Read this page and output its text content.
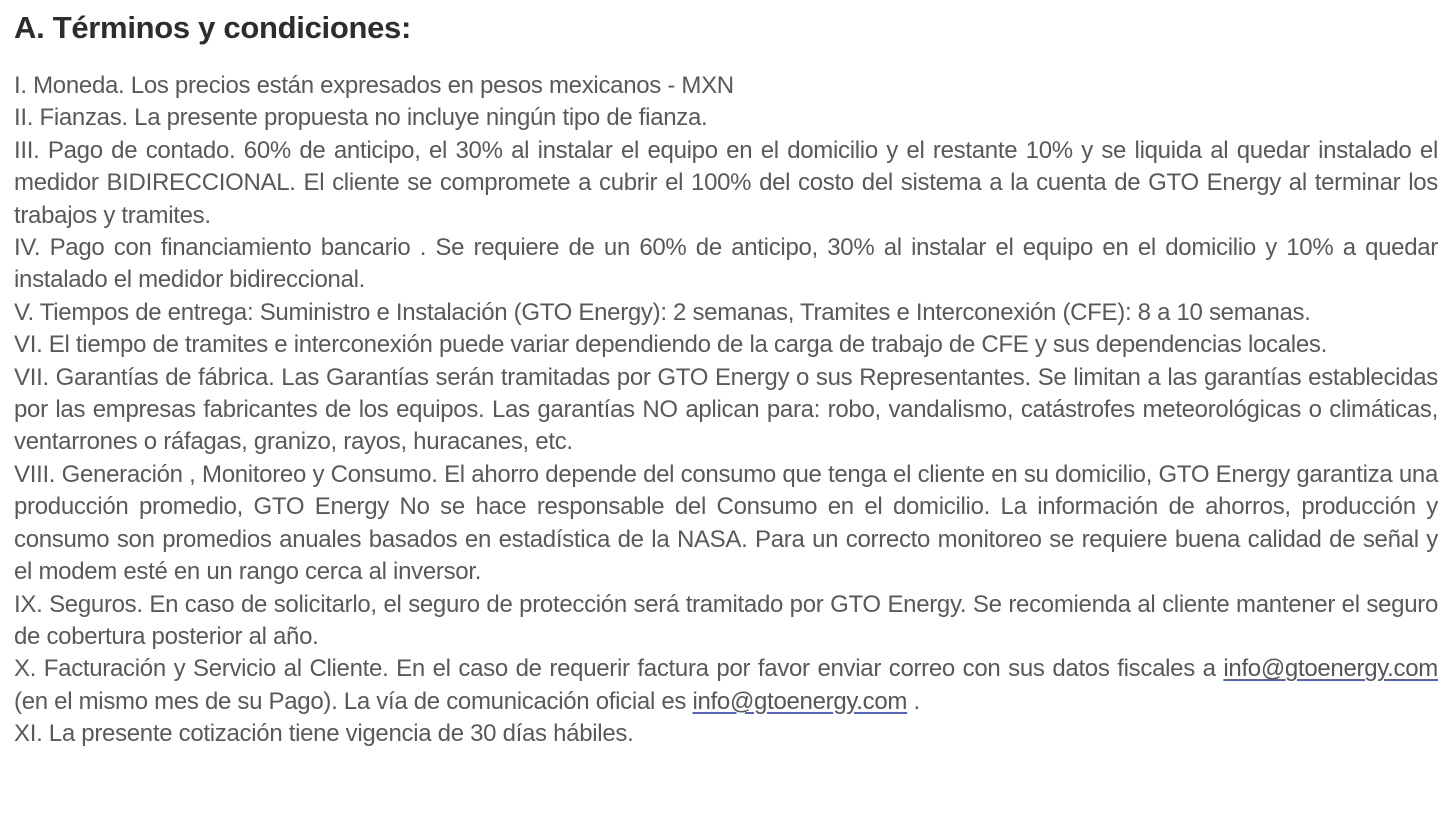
A. Términos y condiciones:

I. Moneda. Los precios están expresados en pesos mexicanos - MXN

II. Fianzas. La presente propuesta no incluye ningún tipo de fianza.

III. Pago de contado. 60% de anticipo, el 30% al instalar el equipo en el domicilio y el restante 10% y se liquida al quedar instalado el medidor BIDIRECCIONAL. El cliente se compromete a cubrir el 100% del costo del sistema a la cuenta de GTO Energy al terminar los trabajos y tramites.

IV. Pago con financiamiento bancario . Se requiere de un 60% de anticipo, 30% al instalar el equipo en el domicilio y 10% a quedar instalado el medidor bidireccional.

V. Tiempos de entrega: Suministro e Instalación (GTO Energy): 2 semanas, Tramites e Interconexión (CFE): 8 a 10 semanas.

VI. El tiempo de tramites e interconexión puede variar dependiendo de la carga de trabajo de CFE y sus dependencias locales.

VII. Garantías de fábrica. Las Garantías serán tramitadas por GTO Energy o sus Representantes. Se limitan a las garantías establecidas por las empresas fabricantes de los equipos. Las garantías NO aplican para: robo, vandalismo, catástrofes meteorológicas o climáticas, ventarrones o ráfagas, granizo, rayos, huracanes, etc.

VIII. Generación , Monitoreo y Consumo. El ahorro depende del consumo que tenga el cliente en su domicilio, GTO Energy garantiza una producción promedio, GTO Energy No se hace responsable del Consumo en el domicilio. La información de ahorros, producción y consumo son promedios anuales basados en estadística de la NASA. Para un correcto monitoreo se requiere buena calidad de señal y el modem esté en un rango cerca al inversor.

IX. Seguros. En caso de solicitarlo, el seguro de protección será tramitado por GTO Energy. Se recomienda al cliente mantener el seguro de cobertura posterior al año.

X. Facturación y Servicio al Cliente. En el caso de requerir factura por favor enviar correo con sus datos fiscales a info@gtoenergy.com (en el mismo mes de su Pago). La vía de comunicación oficial es info@gtoenergy.com .

XI. La presente cotización tiene vigencia de 30 días hábiles.
